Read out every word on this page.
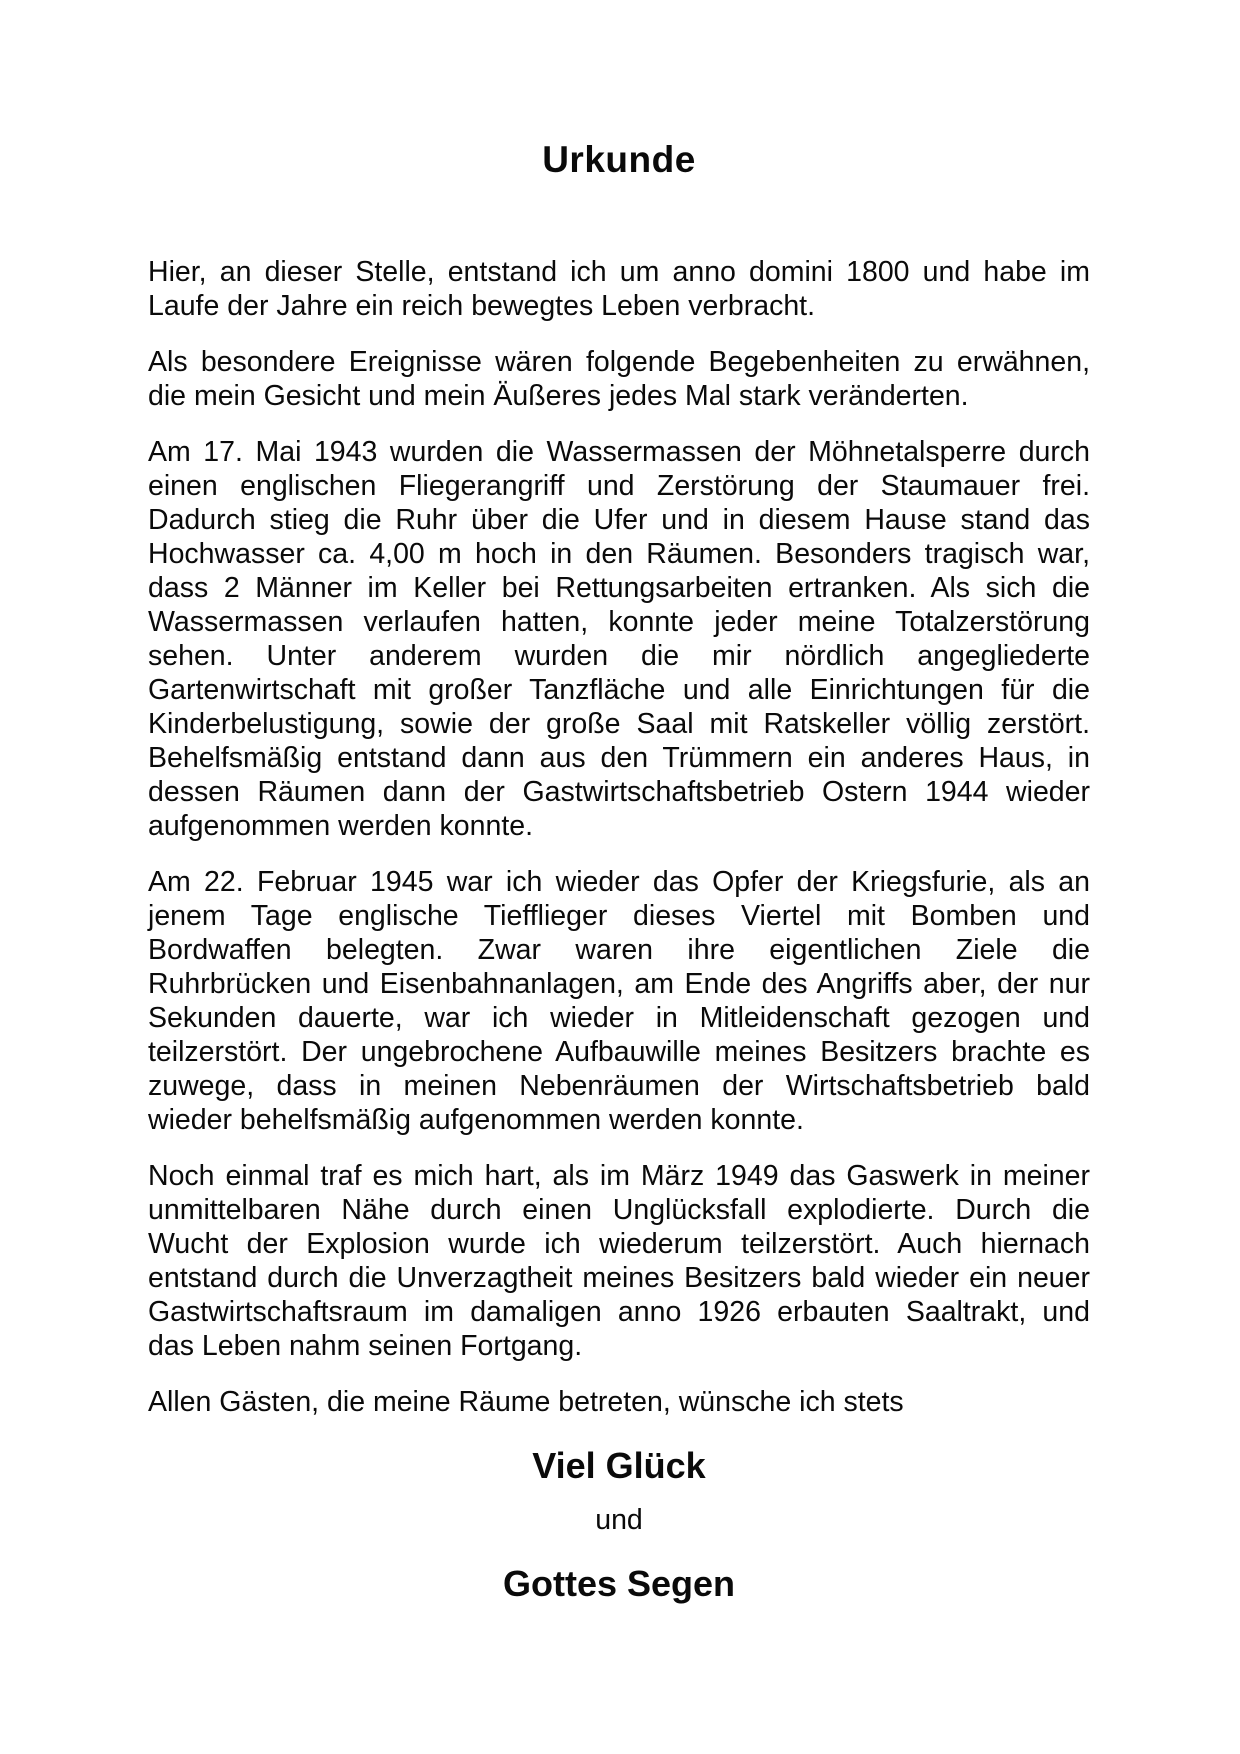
Urkunde
Hier, an dieser Stelle, entstand ich um anno domini 1800 und habe im
Laufe der Jahre ein reich bewegtes Leben verbracht.
Als besondere Ereignisse wären folgende Begebenheiten zu erwähnen,
die mein Gesicht und mein Äußeres jedes Mal stark veränderten.
Am 17. Mai 1943 wurden die Wassermassen der Möhnetalsperre durch
einen englischen Fliegerangriff und Zerstörung der Staumauer frei.
Dadurch stieg die Ruhr über die Ufer und in diesem Hause stand das
Hochwasser ca. 4,00 m hoch in den Räumen. Besonders tragisch war,
dass 2 Männer im Keller bei Rettungsarbeiten ertranken. Als sich die
Wassermassen verlaufen hatten, konnte jeder meine Totalzerstörung
sehen. Unter anderem wurden die mir nördlich angegliederte
Gartenwirtschaft mit großer Tanzfläche und alle Einrichtungen für die
Kinderbelustigung, sowie der große Saal mit Ratskeller völlig zerstört.
Behelfsmäßig entstand dann aus den Trümmern ein anderes Haus, in
dessen Räumen dann der Gastwirtschaftsbetrieb Ostern 1944 wieder
aufgenommen werden konnte.
Am 22. Februar 1945 war ich wieder das Opfer der Kriegsfurie, als an
jenem Tage englische Tiefflieger dieses Viertel mit Bomben und
Bordwaffen belegten. Zwar waren ihre eigentlichen Ziele die
Ruhrbrücken und Eisenbahnanlagen, am Ende des Angriffs aber, der nur
Sekunden dauerte, war ich wieder in Mitleidenschaft gezogen und
teilzerstört. Der ungebrochene Aufbauwille meines Besitzers brachte es
zuwege, dass in meinen Nebenräumen der Wirtschaftsbetrieb bald
wieder behelfsmäßig aufgenommen werden konnte.
Noch einmal traf es mich hart, als im März 1949 das Gaswerk in meiner
unmittelbaren Nähe durch einen Unglücksfall explodierte. Durch die
Wucht der Explosion wurde ich wiederum teilzerstört. Auch hiernach
entstand durch die Unverzagtheit meines Besitzers bald wieder ein neuer
Gastwirtschaftsraum im damaligen anno 1926 erbauten Saaltrakt, und
das Leben nahm seinen Fortgang.
Allen Gästen, die meine Räume betreten, wünsche ich stets
Viel Glück
und
Gottes Segen
